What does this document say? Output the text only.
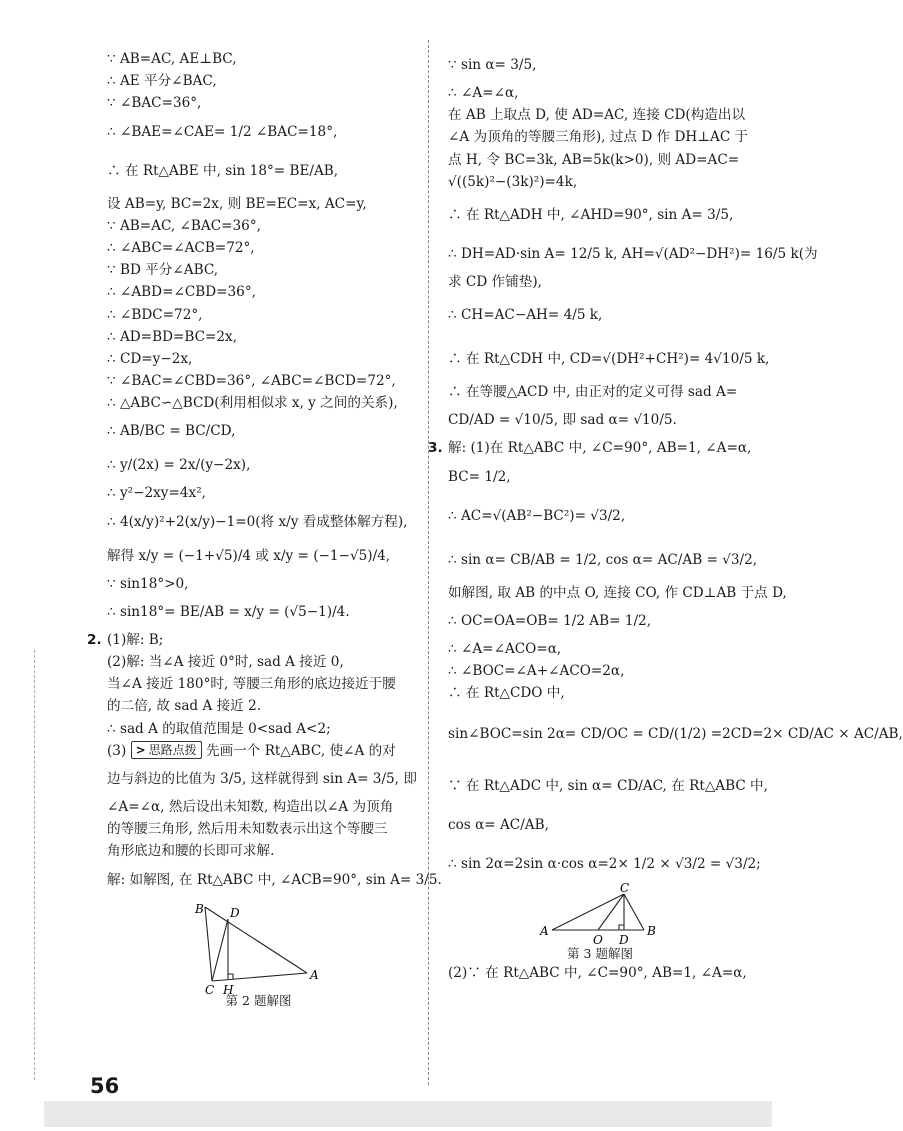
∵ AB=AC, AE⊥BC,
∴ AE 平分∠BAC,
∵ ∠BAC=36°,
∴ ∠BAE=∠CAE= 1/2 ∠BAC=18°,
∴ 在 Rt△ABE 中, sin 18°= BE/AB,
设 AB=y, BC=2x, 则 BE=EC=x, AC=y,
∵ AB=AC, ∠BAC=36°,
∴ ∠ABC=∠ACB=72°,
∵ BD 平分∠ABC,
∴ ∠ABD=∠CBD=36°,
∴ ∠BDC=72°,
∴ AD=BD=BC=2x,
∴ CD=y−2x,
∵ ∠BAC=∠CBD=36°, ∠ABC=∠BCD=72°,
∴ △ABC∽△BCD(利用相似求 x, y 之间的关系),
∴ AB/BC = BC/CD,
∴ y/(2x) = 2x/(y−2x),
∴ y²−2xy=4x²,
∴ 4(x/y)²+2(x/y)−1=0(将 x/y 看成整体解方程),
解得 x/y = (−1+√5)/4 或 x/y = (−1−√5)/4,
∵ sin18°>0,
∴ sin18°= BE/AB = x/y = (√5−1)/4.
2. (1)解: B;
(2)解: 当∠A 接近 0°时, sad A 接近 0,
当∠A 接近 180°时, 等腰三角形的底边接近于腰
的二倍, 故 sad A 接近 2.
∴ sad A 的取值范围是 0<sad A<2;
(3) > 思路点拨 先画一个 Rt△ABC, 使∠A 的对
边与斜边的比值为 3/5, 这样就得到 sin A= 3/5, 即
∠A=∠α, 然后设出未知数, 构造出以∠A 为顶角
的等腰三角形, 然后用未知数表示出这个等腰三
角形底边和腰的长即可求解.
解: 如解图, 在 Rt△ABC 中, ∠ACB=90°, sin A= 3/5.
B D
C H
A
第 2 题解图
∵ sin α= 3/5,
∴ ∠A=∠α,
在 AB 上取点 D, 使 AD=AC, 连接 CD(构造出以
∠A 为顶角的等腰三角形), 过点 D 作 DH⊥AC 于
点 H, 令 BC=3k, AB=5k(k>0), 则 AD=AC=
√((5k)²−(3k)²)=4k,
∴ 在 Rt△ADH 中, ∠AHD=90°, sin A= 3/5,
∴ DH=AD·sin A= 12/5 k, AH=√(AD²−DH²)= 16/5 k(为
求 CD 作铺垫),
∴ CH=AC−AH= 4/5 k,
∴ 在 Rt△CDH 中, CD=√(DH²+CH²)= 4√10/5 k,
∴ 在等腰△ACD 中, 由正对的定义可得 sad A=
CD/AD = √10/5, 即 sad α= √10/5.
3. 解: (1)在 Rt△ABC 中, ∠C=90°, AB=1, ∠A=α,
BC= 1/2,
∴ AC=√(AB²−BC²)= √3/2,
∴ sin α= CB/AB = 1/2, cos α= AC/AB = √3/2,
如解图, 取 AB 的中点 O, 连接 CO, 作 CD⊥AB 于点 D,
∴ OC=OA=OB= 1/2 AB= 1/2,
∴ ∠A=∠ACO=α,
∴ ∠BOC=∠A+∠ACO=2α,
∴ 在 Rt△CDO 中,
sin∠BOC=sin 2α= CD/OC = CD/(1/2) =2CD=2× CD/AC × AC/AB,
∵ 在 Rt△ADC 中, sin α= CD/AC, 在 Rt△ABC 中,
cos α= AC/AB,
∴ sin 2α=2sin α·cos α=2× 1/2 × √3/2 = √3/2;
C
A
O D
B
第 3 题解图
(2)∵ 在 Rt△ABC 中, ∠C=90°, AB=1, ∠A=α,
56
